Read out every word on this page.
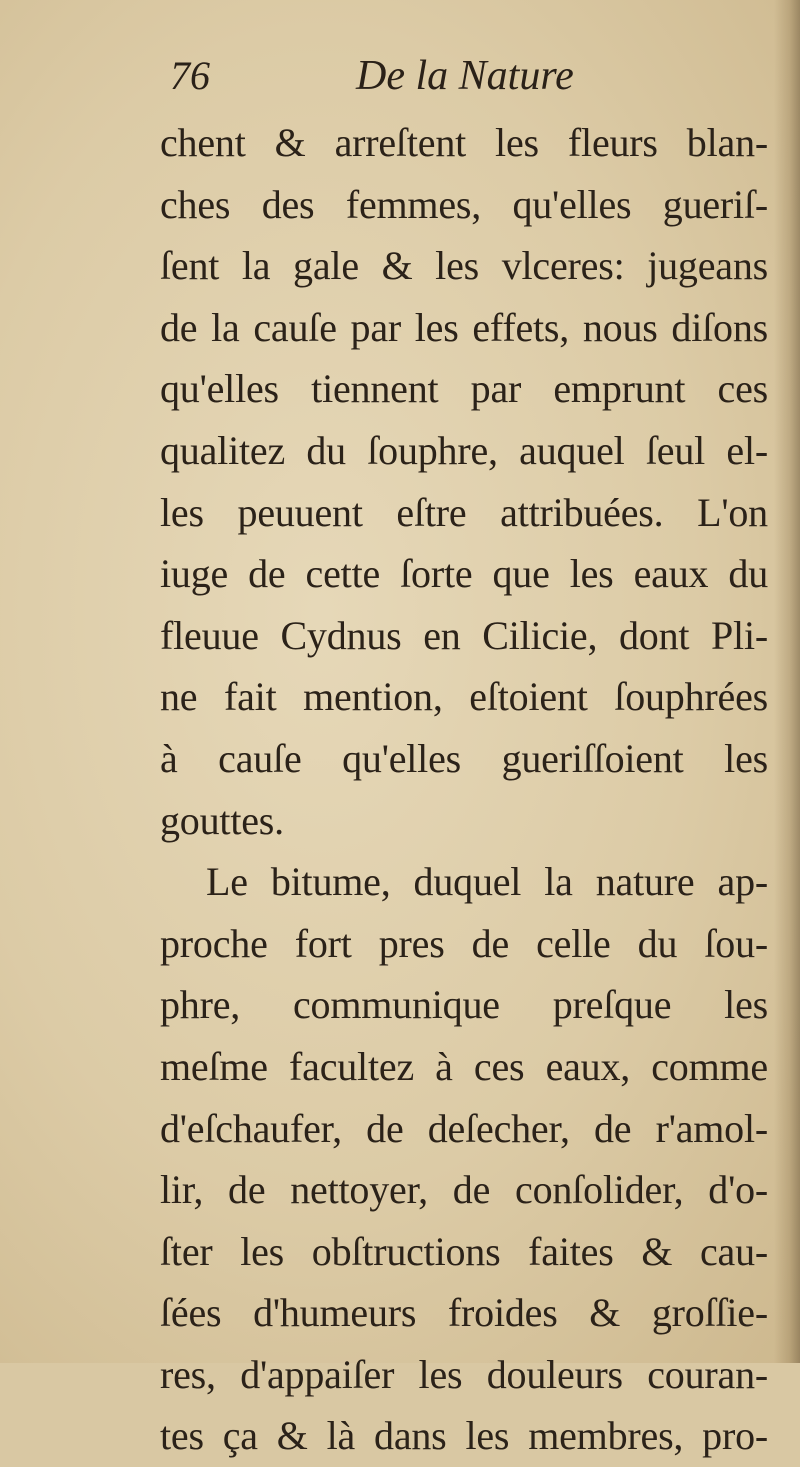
76	De la Nature
chent & arreſtent les fleurs blan-
ches des femmes, qu'elles gueriſ-
ſent la gale & les vlceres: jugeans
de la cauſe par les effets, nous diſons
qu'elles tiennent par emprunt ces
qualitez du ſouphre, auquel ſeul el-
les peuuent eſtre attribuées. L'on
iuge de cette ſorte que les eaux du
fleuue Cydnus en Cilicie, dont Pli-
ne fait mention, eſtoient ſouphrées
à cauſe qu'elles gueriſſoient les
gouttes.
Le bitume, duquel la nature ap-
proche fort pres de celle du ſou-
phre, communique preſque les
meſme facultez à ces eaux, comme
d'eſchaufer, de deſecher, de r'amol-
lir, de nettoyer, de conſolider, d'o-
ſter les obſtructions faites & cau-
ſées d'humeurs froides & groſſie-
res, d'appaiſer les douleurs couran-
tes ça & là dans les membres, pro-
